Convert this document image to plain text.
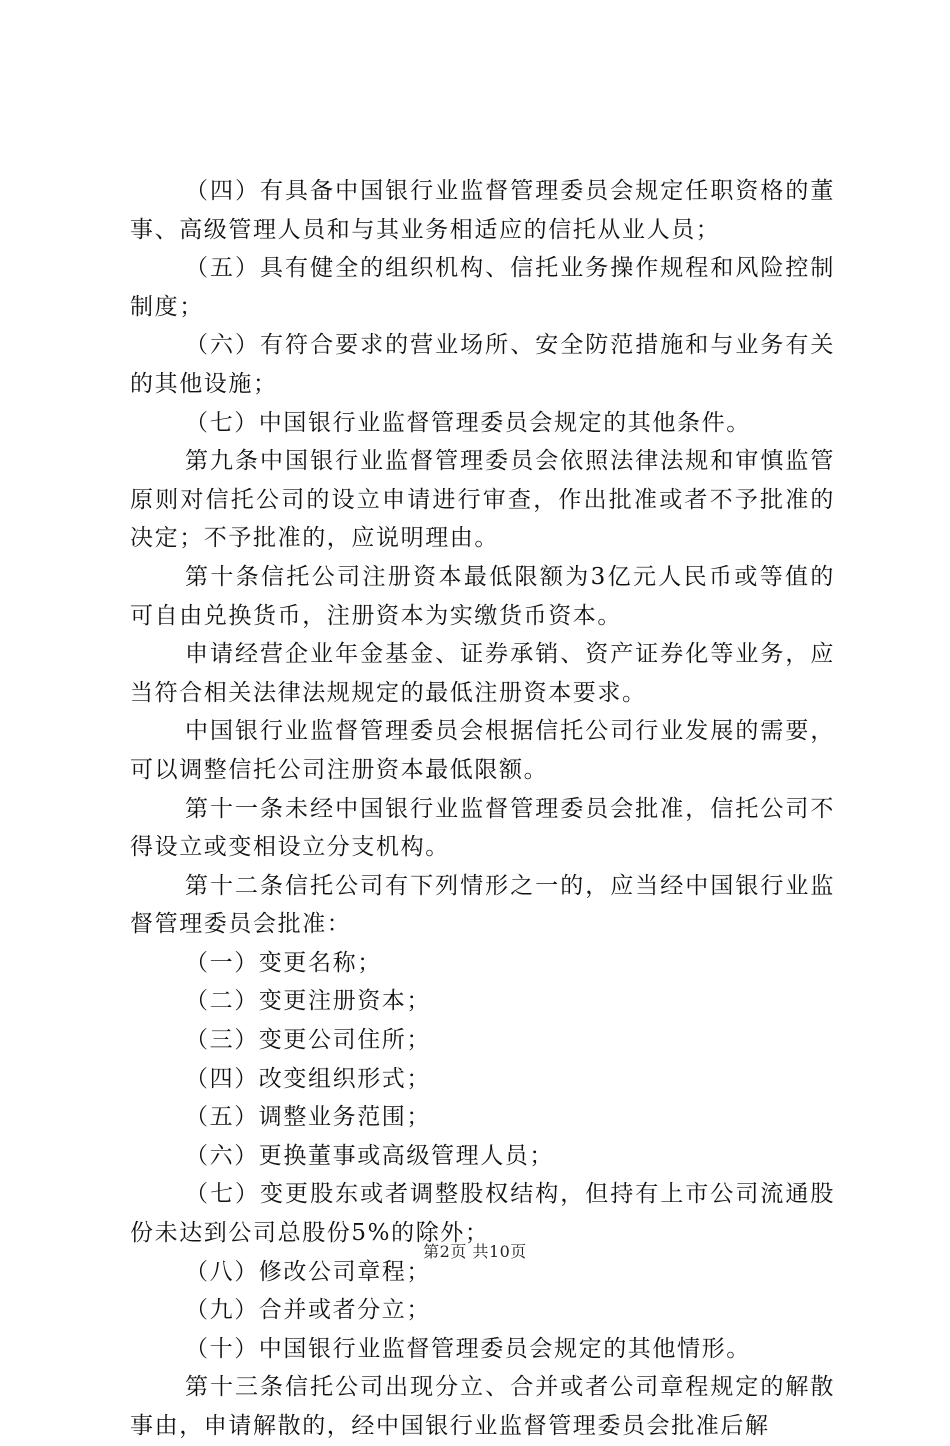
（四）有具备中国银行业监督管理委员会规定任职资格的董事、高级管理人员和与其业务相适应的信托从业人员；

（五）具有健全的组织机构、信托业务操作规程和风险控制制度；

（六）有符合要求的营业场所、安全防范措施和与业务有关的其他设施；

（七）中国银行业监督管理委员会规定的其他条件。

第九条中国银行业监督管理委员会依照法律法规和审慎监管原则对信托公司的设立申请进行审查，作出批准或者不予批准的决定；不予批准的，应说明理由。

第十条信托公司注册资本最低限额为3亿元人民币或等值的可自由兑换货币，注册资本为实缴货币资本。

申请经营企业年金基金、证券承销、资产证券化等业务，应当符合相关法律法规规定的最低注册资本要求。

中国银行业监督管理委员会根据信托公司行业发展的需要，可以调整信托公司注册资本最低限额。

第十一条未经中国银行业监督管理委员会批准，信托公司不得设立或变相设立分支机构。

第十二条信托公司有下列情形之一的，应当经中国银行业监督管理委员会批准：

（一）变更名称；

（二）变更注册资本；

（三）变更公司住所；

（四）改变组织形式；

（五）调整业务范围；

（六）更换董事或高级管理人员；

（七）变更股东或者调整股权结构，但持有上市公司流通股份未达到公司总股份5%的除外；

（八）修改公司章程；

（九）合并或者分立；

（十）中国银行业监督管理委员会规定的其他情形。

第十三条信托公司出现分立、合并或者公司章程规定的解散事由，申请解散的，经中国银行业监督管理委员会批准后解

第2页 共10页
